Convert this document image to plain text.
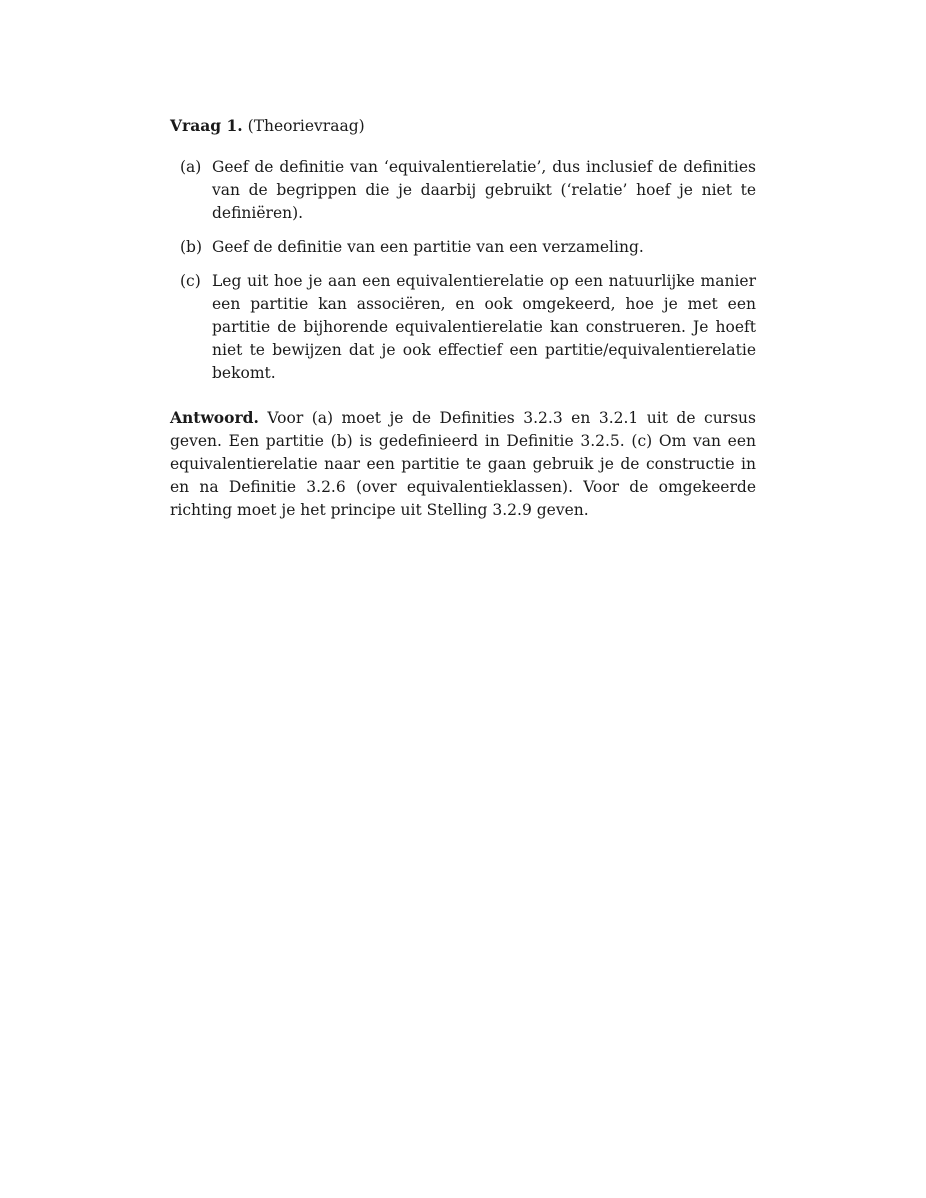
Vraag 1. (Theorievraag)

(a) Geef de definitie van ‘equivalentierelatie’, dus inclusief de definities van de begrippen die je daarbij gebruikt (‘relatie’ hoef je niet te definiëren).
(b) Geef de definitie van een partitie van een verzameling.
(c) Leg uit hoe je aan een equivalentierelatie op een natuurlijke manier een partitie kan associëren, en ook omgekeerd, hoe je met een partitie de bijhorende equivalentierelatie kan construeren. Je hoeft niet te bewijzen dat je ook effectief een partitie/equivalentierelatie bekomt.

Antwoord. Voor (a) moet je de Definities 3.2.3 en 3.2.1 uit de cursus geven. Een partitie (b) is gedefinieerd in Definitie 3.2.5. (c) Om van een equivalentierelatie naar een partitie te gaan gebruik je de constructie in en na Definitie 3.2.6 (over equivalentieklassen). Voor de omgekeerde richting moet je het principe uit Stelling 3.2.9 geven.
